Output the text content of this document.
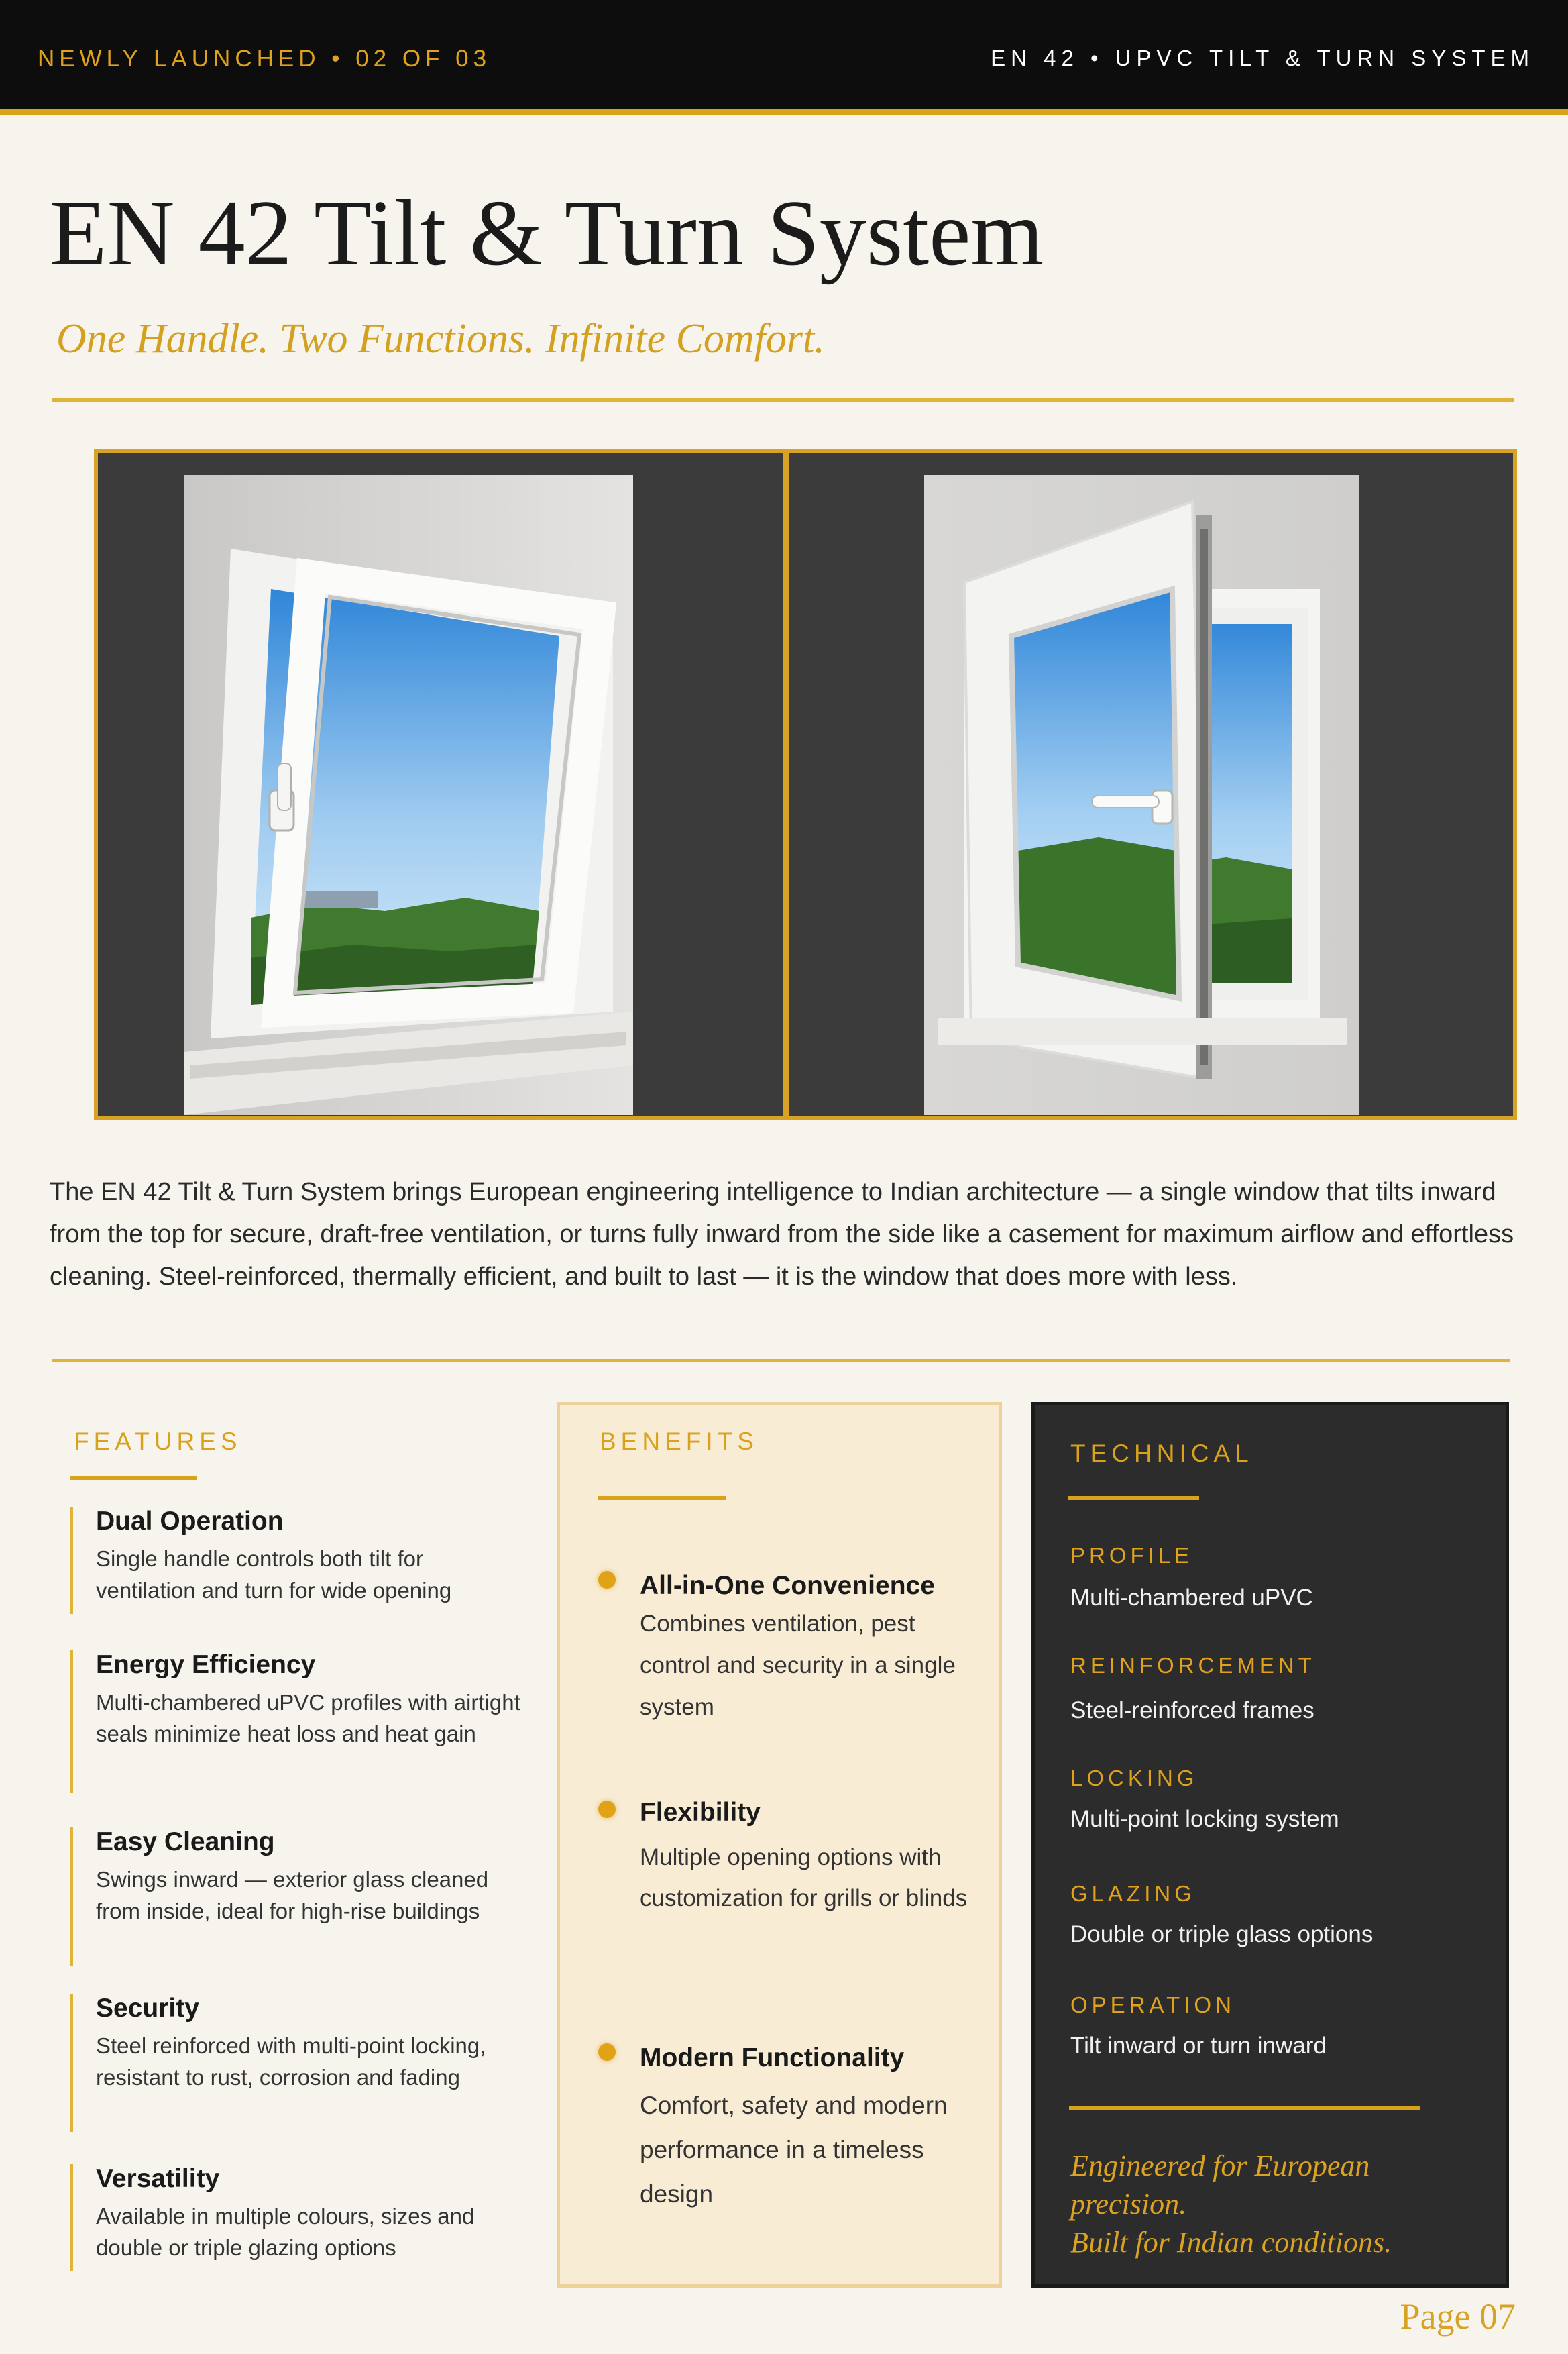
NEWLY LAUNCHED • 02 OF 03	EN 42 • UPVC TILT & TURN SYSTEM
EN 42 Tilt & Turn System
One Handle. Two Functions. Infinite Comfort.
The EN 42 Tilt & Turn System brings European engineering intelligence to Indian architecture — a single window that tilts inward from the top for secure, draft-free ventilation, or turns fully inward from the side like a casement for maximum airflow and effortless cleaning. Steel-reinforced, thermally efficient, and built to last — it is the window that does more with less.
FEATURES
Dual Operation
Single handle controls both tilt for ventilation and turn for wide opening
Energy Efficiency
Multi-chambered uPVC profiles with airtight seals minimize heat loss and heat gain
Easy Cleaning
Swings inward — exterior glass cleaned from inside, ideal for high-rise buildings
Security
Steel reinforced with multi-point locking, resistant to rust, corrosion and fading
Versatility
Available in multiple colours, sizes and double or triple glazing options
BENEFITS
All-in-One Convenience
Combines ventilation, pest control and security in a single system
Flexibility
Multiple opening options with customization for grills or blinds
Modern Functionality
Comfort, safety and modern performance in a timeless design
TECHNICAL
PROFILE
Multi-chambered uPVC
REINFORCEMENT
Steel-reinforced frames
LOCKING
Multi-point locking system
GLAZING
Double or triple glass options
OPERATION
Tilt inward or turn inward
Engineered for European precision.
Built for Indian conditions.
Page 07
